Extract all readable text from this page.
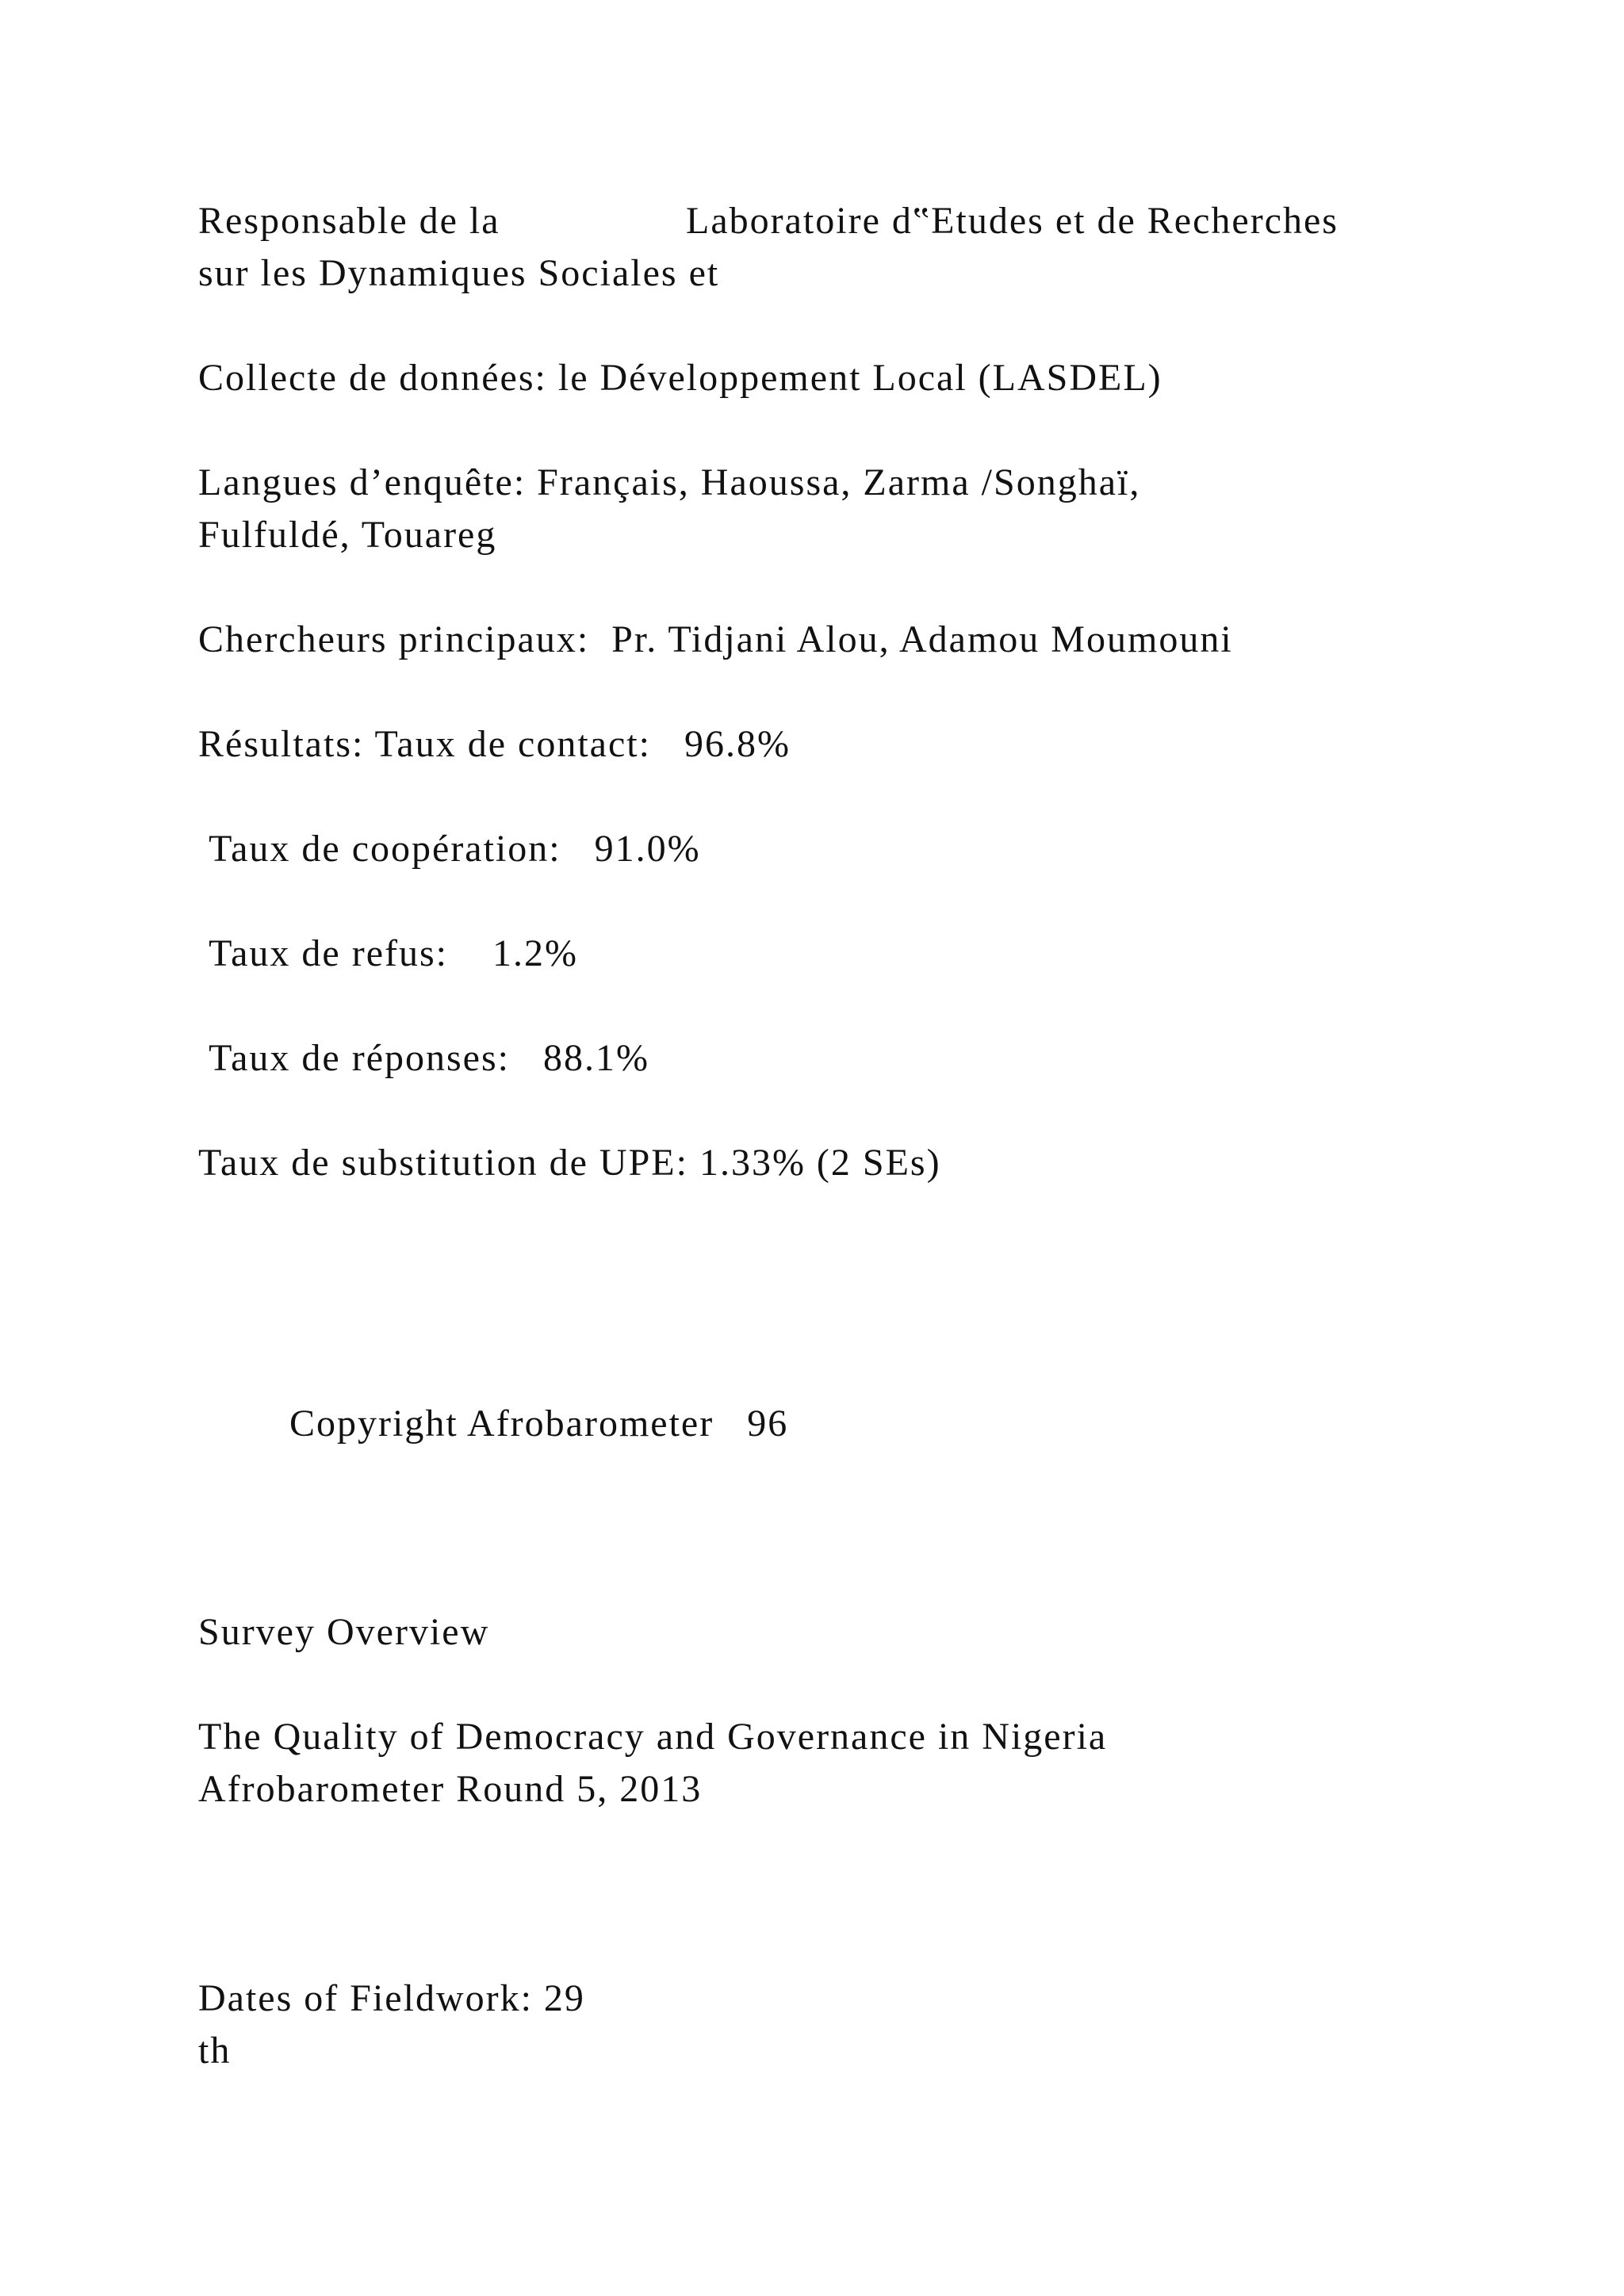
Responsable de la	Laboratoire d‟Etudes et de Recherches
sur les Dynamiques Sociales et
Collecte de données: le Développement Local (LASDEL)
Langues d’enquête: Français, Haoussa, Zarma /Songhaï,
Fulfuldé, Touareg
Chercheurs principaux:  Pr. Tidjani Alou, Adamou Moumouni
Résultats: Taux de contact:   96.8%
Taux de coopération:   91.0%
Taux de refus:    1.2%
Taux de réponses:   88.1%
Taux de substitution de UPE: 1.33% (2 SEs)
Copyright Afrobarometer   96
Survey Overview
The Quality of Democracy and Governance in Nigeria
Afrobarometer Round 5, 2013
Dates of Fieldwork: 29
th
